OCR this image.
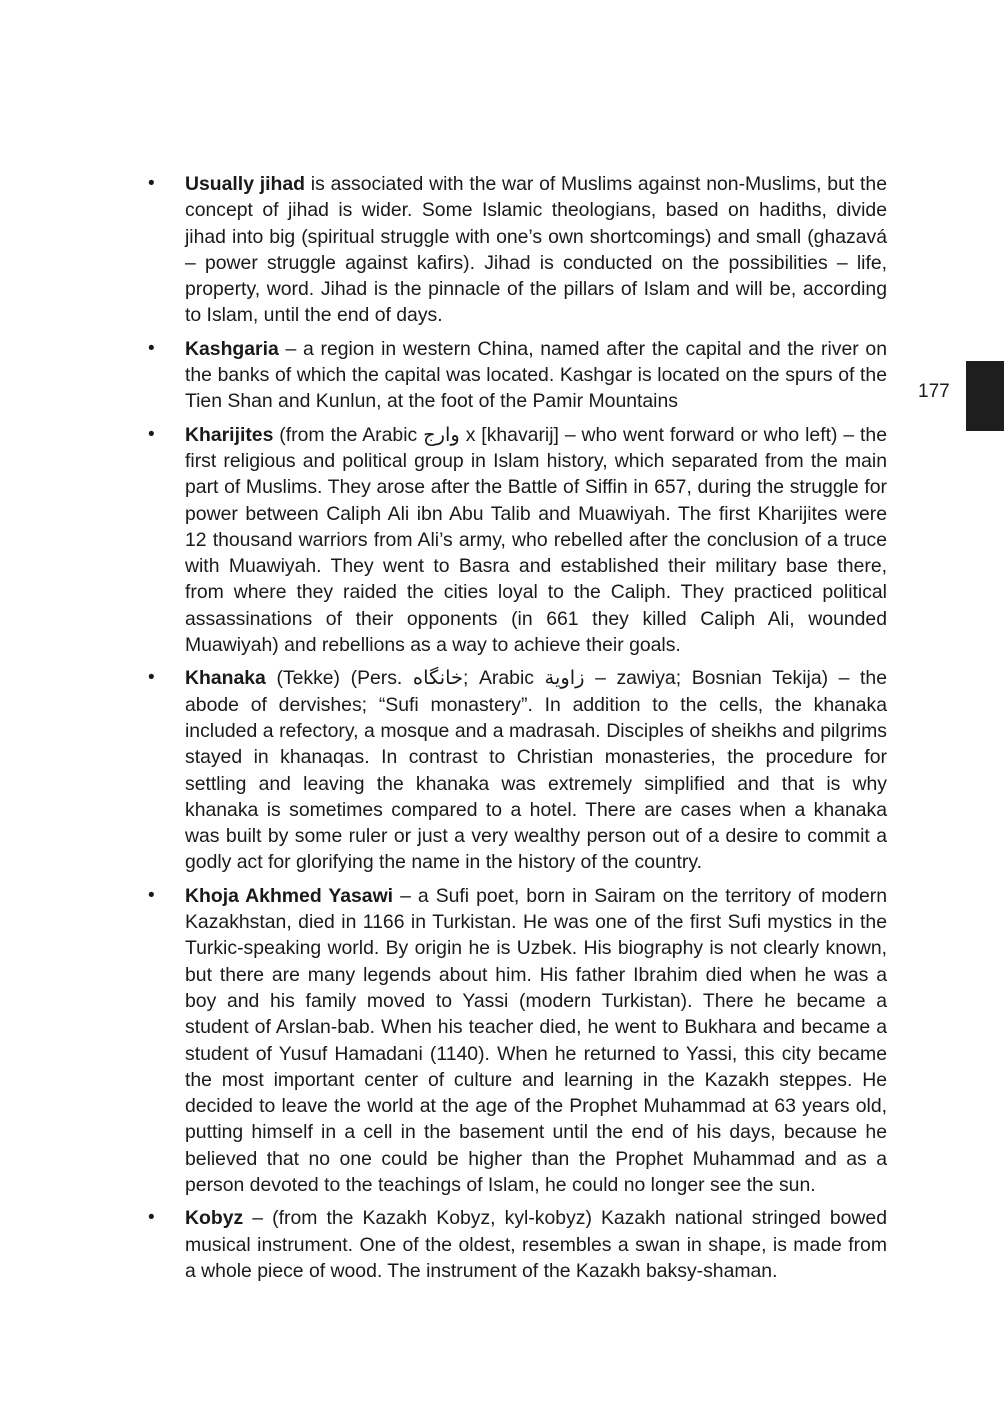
• Usually jihad is associated with the war of Muslims against non-Muslims, but the concept of jihad is wider. Some Islamic theologians, based on hadiths, divide jihad into big (spiritual struggle with one’s own shortcomings) and small (ghazavá – power struggle against kafirs). Jihad is conducted on the possibilities – life, property, word. Jihad is the pinnacle of the pillars of Islam and will be, according to Islam, until the end of days.
• Kashgaria – a region in western China, named after the capital and the river on the banks of which the capital was located. Kashgar is located on the spurs of the Tien Shan and Kunlun, at the foot of the Pamir Mountains
• Kharijites (from the Arabic وارج x [khavarij] – who went forward or who left) – the first religious and political group in Islam history, which separated from the main part of Muslims. They arose after the Battle of Siffin in 657, during the struggle for power between Caliph Ali ibn Abu Talib and Muawiyah. The first Kharijites were 12 thousand warriors from Ali’s army, who rebelled after the conclusion of a truce with Muawiyah. They went to Basra and established their military base there, from where they raided the cities loyal to the Caliph. They practiced political assassinations of their opponents (in 661 they killed Caliph Ali, wounded Muawiyah) and rebellions as a way to achieve their goals.
• Khanaka (Tekke) (Pers. خانگاه; Arabic زاوية – zawiya; Bosnian Tekija) – the abode of dervishes; “Sufi monastery”. In addition to the cells, the khanaka included a refectory, a mosque and a madrasah. Disciples of sheikhs and pilgrims stayed in khanaqas. In contrast to Christian monasteries, the procedure for settling and leaving the khanaka was extremely simplified and that is why khanaka is sometimes compared to a hotel. There are cases when a khanaka was built by some ruler or just a very wealthy person out of a desire to commit a godly act for glorifying the name in the history of the country.
• Khoja Akhmed Yasawi – a Sufi poet, born in Sairam on the territory of modern Kazakhstan, died in 1166 in Turkistan. He was one of the first Sufi mystics in the Turkic-speaking world. By origin he is Uzbek. His biography is not clearly known, but there are many legends about him. His father Ibrahim died when he was a boy and his family moved to Yassi (modern Turkistan). There he became a student of Arslan-bab. When his teacher died, he went to Bukhara and became a student of Yusuf Hamadani (1140). When he returned to Yassi, this city became the most important center of culture and learning in the Kazakh steppes. He decided to leave the world at the age of the Prophet Muhammad at 63 years old, putting himself in a cell in the basement until the end of his days, because he believed that no one could be higher than the Prophet Muhammad and as a person devoted to the teachings of Islam, he could no longer see the sun.
• Kobyz – (from the Kazakh Kobyz, kyl-kobyz) Kazakh national stringed bowed musical instrument. One of the oldest, resembles a swan in shape, is made from a whole piece of wood. The instrument of the Kazakh baksy-shaman.
177
